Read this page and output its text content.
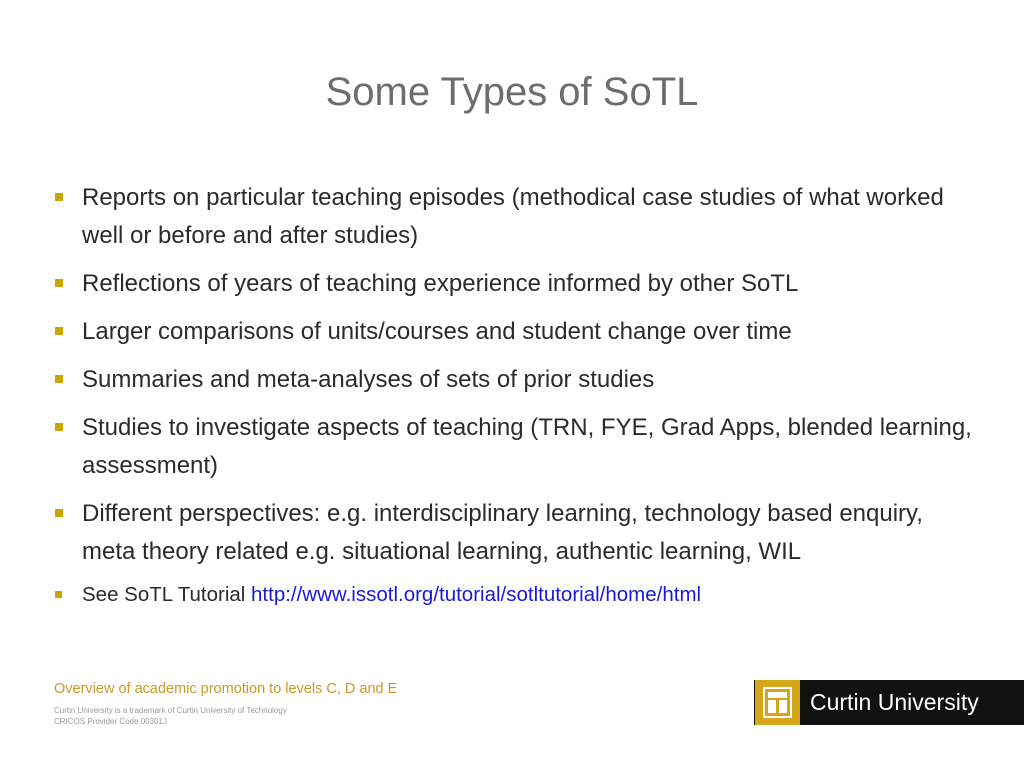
Some Types of SoTL
Reports on particular teaching episodes (methodical case studies of what worked well or before and after studies)
Reflections of years of teaching experience informed by other SoTL
Larger comparisons of units/courses and student change over time
Summaries and meta-analyses of sets of prior studies
Studies to investigate aspects of teaching (TRN, FYE, Grad Apps, blended learning, assessment)
Different perspectives: e.g. interdisciplinary learning, technology based enquiry, meta theory related e.g. situational learning, authentic learning, WIL
See SoTL Tutorial http://www.issotl.org/tutorial/sotltutorial/home/html
Overview of academic promotion to levels C, D and E
Curtin University is a trademark of Curtin University of Technology
CRICOS Provider Code 00301J
Curtin University
